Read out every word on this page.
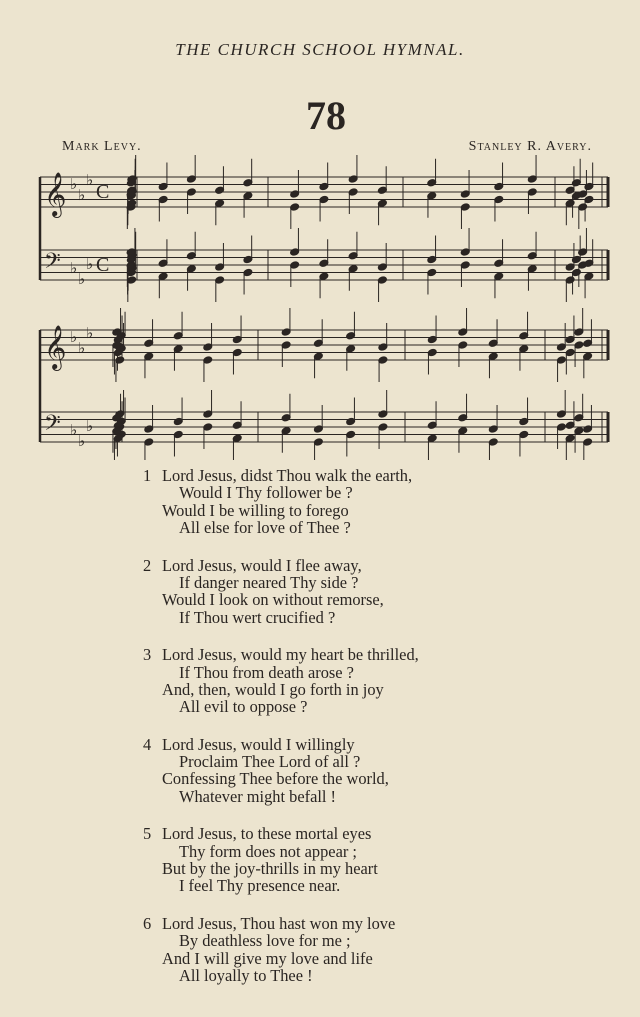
THE CHURCH SCHOOL HYMNAL.
78
Mark Levy.	Stanley R. Avery.
𝄞 ♭
♭
♭
C
𝄢 ♭
♭
♭ C
𝄞 ♭
♭
♭
𝄢 ♭
♭
♭
1 Lord Jesus, didst Thou walk the earth,
Would I Thy follower be ?
Would I be willing to forego
All else for love of Thee ?
2 Lord Jesus, would I flee away,
If danger neared Thy side ?
Would I look on without remorse,
If Thou wert crucified ?
3 Lord Jesus, would my heart be thrilled,
If Thou from death arose ?
And, then, would I go forth in joy
All evil to oppose ?
4 Lord Jesus, would I willingly
Proclaim Thee Lord of all ?
Confessing Thee before the world,
Whatever might befall !
5 Lord Jesus, to these mortal eyes
Thy form does not appear ;
But by the joy-thrills in my heart
I feel Thy presence near.
6 Lord Jesus, Thou hast won my love
By deathless love for me ;
And I will give my love and life
All loyally to Thee !
